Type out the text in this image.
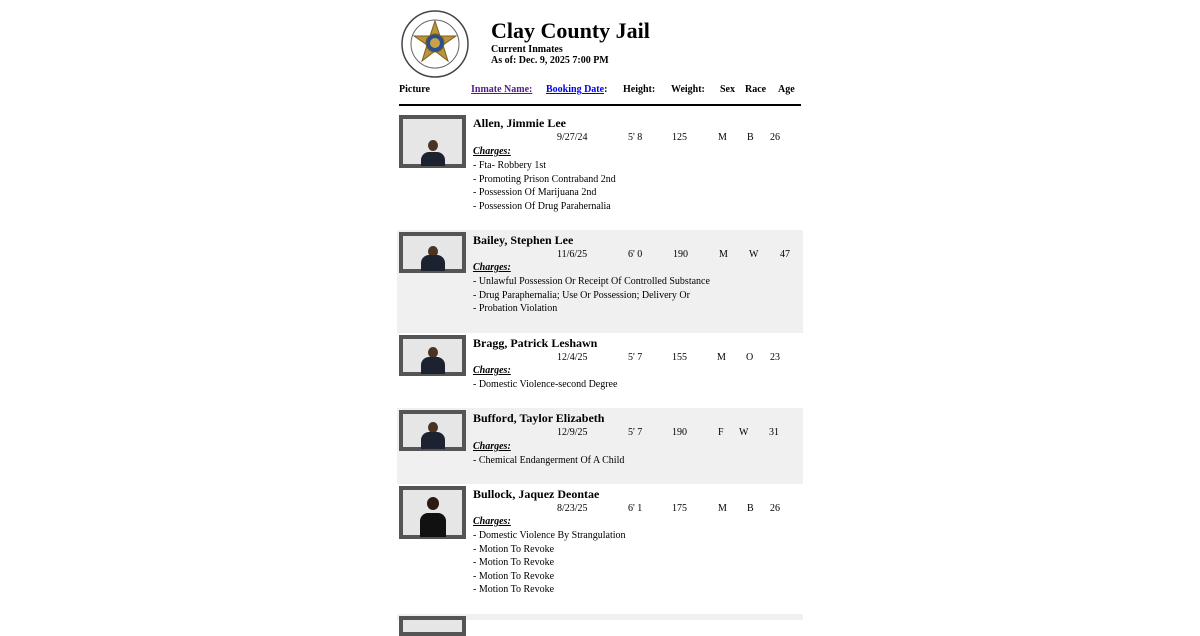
Clay County Jail
Current Inmates
As of: Dec. 9, 2025 7:00 PM
Picture	Inmate Name: Booking Date: Height: Weight: Sex Race Age
Allen, Jimmie Lee
9/27/24	5' 8	125	M B 26
Charges:
- Fta- Robbery 1st
- Promoting Prison Contraband 2nd
- Possession Of Marijuana 2nd
- Possession Of Drug Parahernalia
Bailey, Stephen Lee
11/6/25	6' 0	190	M W 47
Charges:
- Unlawful Possession Or Receipt Of Controlled Substance
- Drug Paraphernalia; Use Or Possession; Delivery Or
- Probation Violation
Bragg, Patrick Leshawn
12/4/25	5' 7	155	M O 23
Charges:
- Domestic Violence-second Degree
Bufford, Taylor Elizabeth
12/9/25	5' 7	190	F W 31
Charges:
- Chemical Endangerment Of A Child
Bullock, Jaquez Deontae
8/23/25	6' 1	175	M B 26
Charges:
- Domestic Violence By Strangulation
- Motion To Revoke
- Motion To Revoke
- Motion To Revoke
- Motion To Revoke
